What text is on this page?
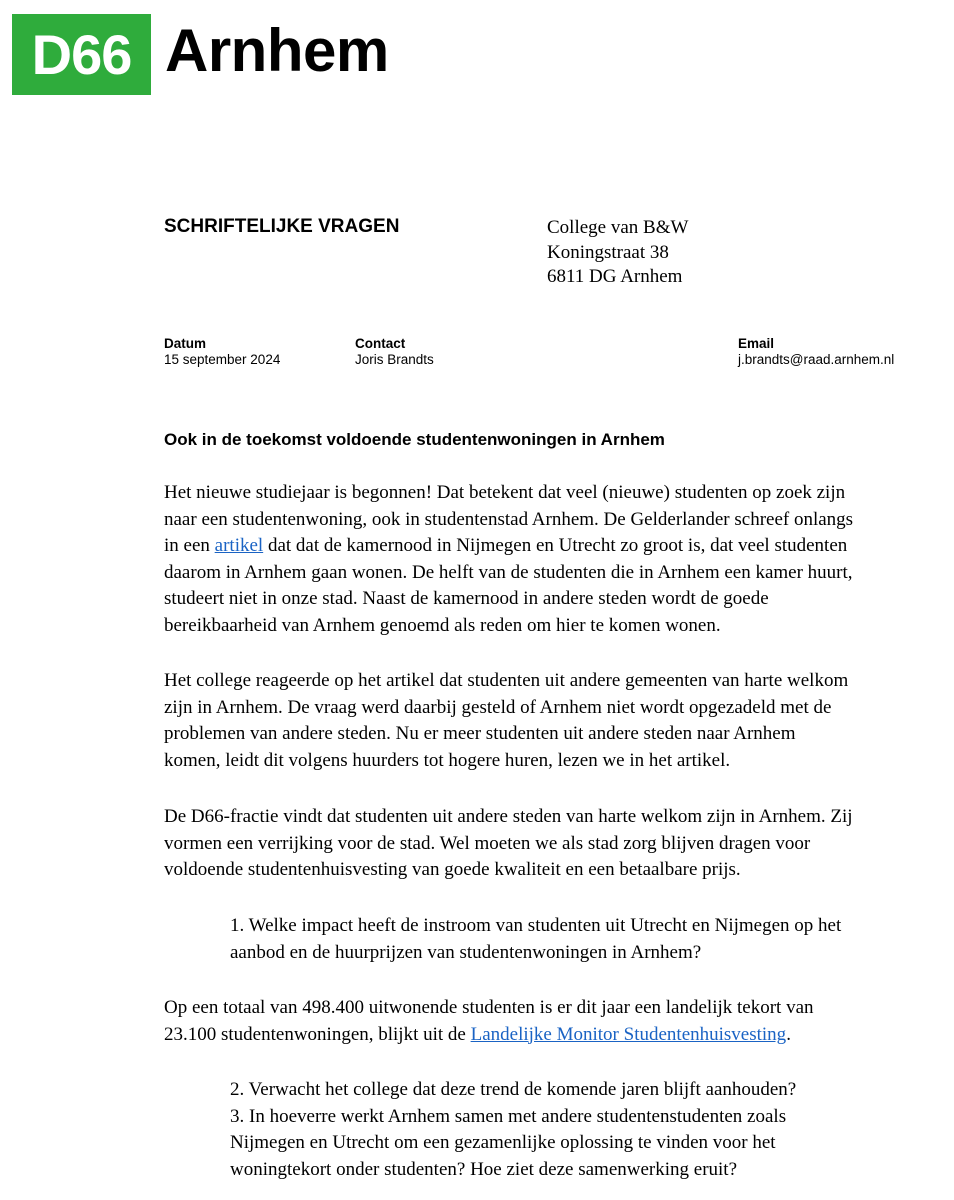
D66 Arnhem
SCHRIFTELIJKE VRAGEN	College van B&W
Koningstraat 38
6811 DG Arnhem
Datum
15 september 2024
Contact
Joris Brandts
Email
j.brandts@raad.arnhem.nl
Ook in de toekomst voldoende studentenwoningen in Arnhem
Het nieuwe studiejaar is begonnen! Dat betekent dat veel (nieuwe) studenten op zoek zijn
naar een studentenwoning, ook in studentenstad Arnhem. De Gelderlander schreef onlangs
in een artikel dat dat de kamernood in Nijmegen en Utrecht zo groot is, dat veel studenten
daarom in Arnhem gaan wonen. De helft van de studenten die in Arnhem een kamer huurt,
studeert niet in onze stad. Naast de kamernood in andere steden wordt de goede
bereikbaarheid van Arnhem genoemd als reden om hier te komen wonen.
Het college reageerde op het artikel dat studenten uit andere gemeenten van harte welkom
zijn in Arnhem. De vraag werd daarbij gesteld of Arnhem niet wordt opgezadeld met de
problemen van andere steden. Nu er meer studenten uit andere steden naar Arnhem
komen, leidt dit volgens huurders tot hogere huren, lezen we in het artikel.
De D66-fractie vindt dat studenten uit andere steden van harte welkom zijn in Arnhem. Zij
vormen een verrijking voor de stad. Wel moeten we als stad zorg blijven dragen voor
voldoende studentenhuisvesting van goede kwaliteit en een betaalbare prijs.
1. Welke impact heeft de instroom van studenten uit Utrecht en Nijmegen op het
aanbod en de huurprijzen van studentenwoningen in Arnhem?
Op een totaal van 498.400 uitwonende studenten is er dit jaar een landelijk tekort van
23.100 studentenwoningen, blijkt uit de Landelijke Monitor Studentenhuisvesting.
2. Verwacht het college dat deze trend de komende jaren blijft aanhouden?
3. In hoeverre werkt Arnhem samen met andere studentenstudenten zoals
Nijmegen en Utrecht om een gezamenlijke oplossing te vinden voor het
woningtekort onder studenten? Hoe ziet deze samenwerking eruit?
